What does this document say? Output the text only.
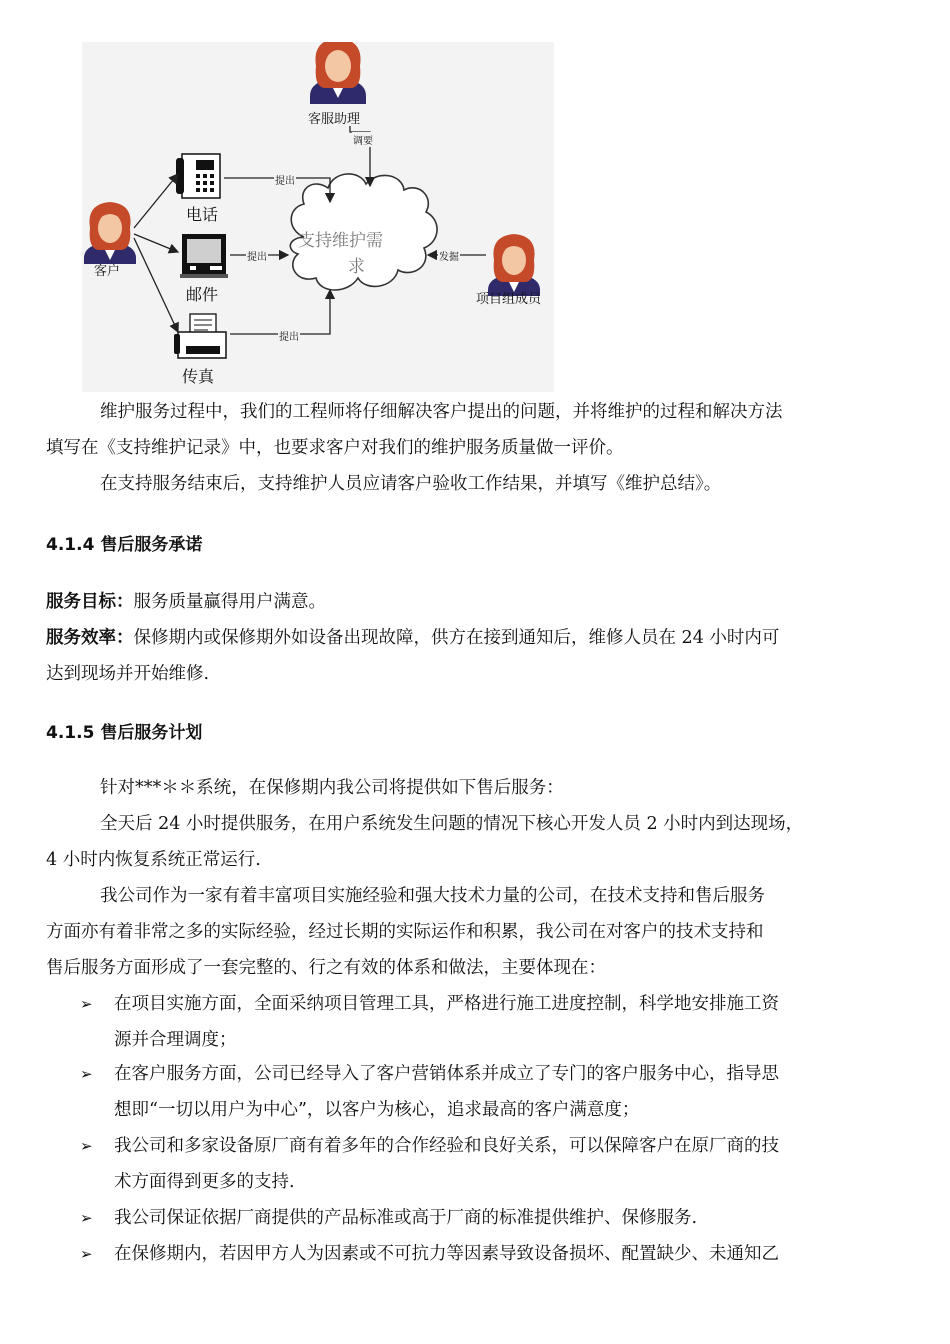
客服助理
调要
客户
电话
邮件
传真
项目组成员
提出
提出
提出
发掘
支持维护需
求

维护服务过程中，我们的工程师将仔细解决客户提出的问题，并将维护的过程和解决方法

填写在《支持维护记录》中，也要求客户对我们的维护服务质量做一评价。

在支持服务结束后，支持维护人员应请客户验收工作结果，并填写《维护总结》。

4.1.4 售后服务承诺

服务目标：服务质量赢得用户满意。

服务效率：保修期内或保修期外如设备出现故障，供方在接到通知后，维修人员在 24 小时内可

达到现场并开始维修.

4.1.5 售后服务计划

针对***＊＊系统，在保修期内我公司将提供如下售后服务：

全天后 24 小时提供服务，在用户系统发生问题的情况下核心开发人员 2 小时内到达现场，

4 小时内恢复系统正常运行.

我公司作为一家有着丰富项目实施经验和强大技术力量的公司，在技术支持和售后服务

方面亦有着非常之多的实际经验，经过长期的实际运作和积累，我公司在对客户的技术支持和

售后服务方面形成了一套完整的、行之有效的体系和做法，主要体现在：

➢ 在项目实施方面，全面采纳项目管理工具，严格进行施工进度控制，科学地安排施工资

源并合理调度；

➢ 在客户服务方面，公司已经导入了客户营销体系并成立了专门的客户服务中心，指导思

想即“一切以用户为中心”，以客户为核心，追求最高的客户满意度；

➢ 我公司和多家设备原厂商有着多年的合作经验和良好关系，可以保障客户在原厂商的技

术方面得到更多的支持.

➢ 我公司保证依据厂商提供的产品标准或高于厂商的标准提供维护、保修服务.

➢ 在保修期内，若因甲方人为因素或不可抗力等因素导致设备损坏、配置缺少、未通知乙
